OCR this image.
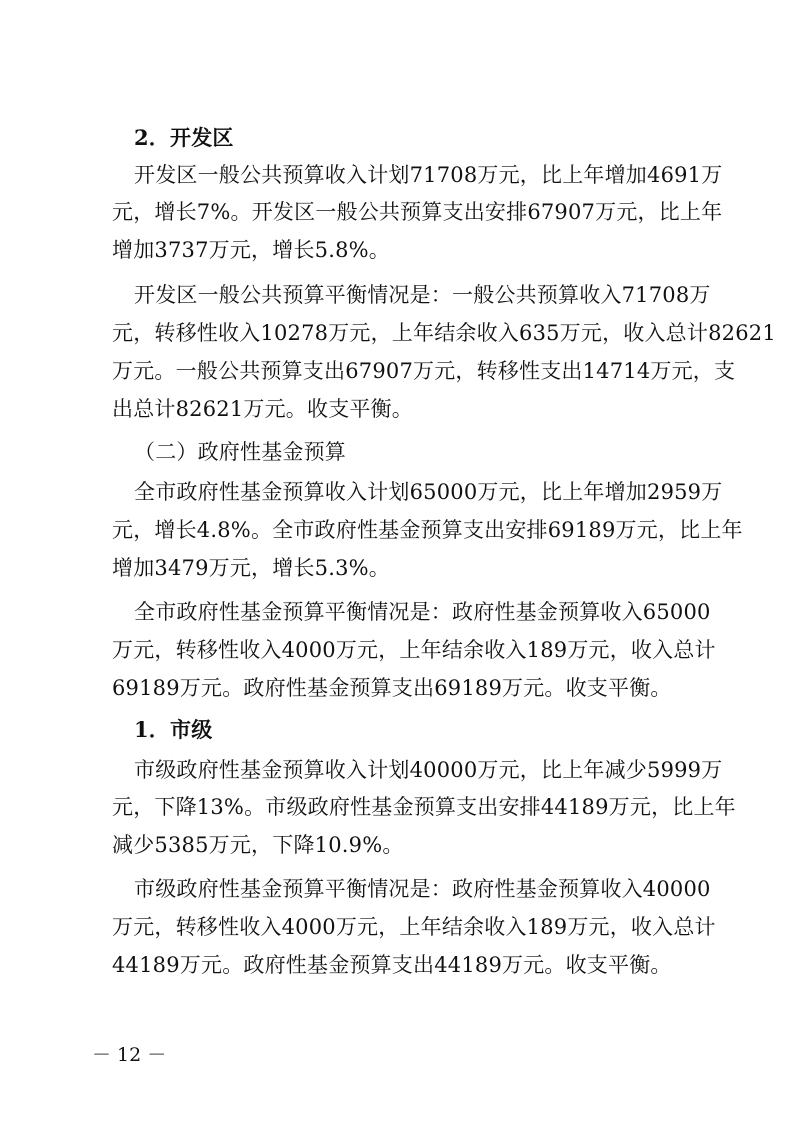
2．开发区
开发区一般公共预算收入计划71708万元，比上年增加4691万
元，增长7%。开发区一般公共预算支出安排67907万元，比上年
增加3737万元，增长5.8%。
开发区一般公共预算平衡情况是：一般公共预算收入71708万
元，转移性收入10278万元，上年结余收入635万元，收入总计82621
万元。一般公共预算支出67907万元，转移性支出14714万元，支
出总计82621万元。收支平衡。
（二）政府性基金预算
全市政府性基金预算收入计划65000万元，比上年增加2959万
元，增长4.8%。全市政府性基金预算支出安排69189万元，比上年
增加3479万元，增长5.3%。
全市政府性基金预算平衡情况是：政府性基金预算收入65000
万元，转移性收入4000万元，上年结余收入189万元，收入总计
69189万元。政府性基金预算支出69189万元。收支平衡。
1．市级
市级政府性基金预算收入计划40000万元，比上年减少5999万
元，下降13%。市级政府性基金预算支出安排44189万元，比上年
减少5385万元，下降10.9%。
市级政府性基金预算平衡情况是：政府性基金预算收入40000
万元，转移性收入4000万元，上年结余收入189万元，收入总计
44189万元。政府性基金预算支出44189万元。收支平衡。
－ 12 －
